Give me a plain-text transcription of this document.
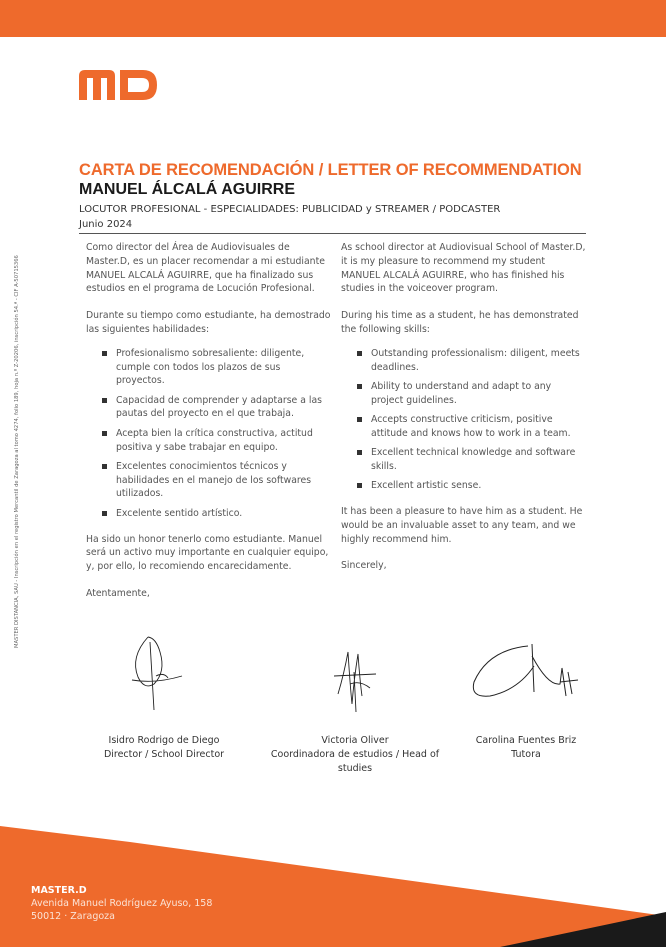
MASTER DISTANCIA, SAU - Inscripción en el registro Mercantil de Zaragoza al tomo 4274, folio 189, hoja n.º Z-20206, inscripción 54.ª - CIF A-50715366
CARTA DE RECOMENDACIÓN / LETTER OF RECOMMENDATION
MANUEL ÁLCALÁ AGUIRRE
LOCUTOR PROFESIONAL - ESPECIALIDADES: PUBLICIDAD y STREAMER / PODCASTER
Junio 2024

Como director del Área de Audiovisuales de Master.D, es un placer recomendar a mi estudiante MANUEL ALCALÁ AGUIRRE, que ha finalizado sus estudios en el programa de Locución Profesional.

Durante su tiempo como estudiante, ha demostrado las siguientes habilidades:

Profesionalismo sobresaliente: diligente, cumple con todos los plazos de sus proyectos.
Capacidad de comprender y adaptarse a las pautas del proyecto en el que trabaja.
Acepta bien la crítica constructiva, actitud positiva y sabe trabajar en equipo.
Excelentes conocimientos técnicos y habilidades en el manejo de los softwares utilizados.
Excelente sentido artístico.

Ha sido un honor tenerlo como estudiante. Manuel será un activo muy importante en cualquier equipo, y, por ello, lo recomiendo encarecidamente.

Atentamente,

As school director at Audiovisual School of Master.D, it is my pleasure to recommend my student MANUEL ALCALÁ AGUIRRE, who has finished his studies in the voiceover program.

During his time as a student, he has demonstrated the following skills:

Outstanding professionalism: diligent, meets deadlines.
Ability to understand and adapt to any project guidelines.
Accepts constructive criticism, positive attitude and knows how to work in a team.
Excellent technical knowledge and software skills.
Excellent artistic sense.

It has been a pleasure to have him as a student. He would be an invaluable asset to any team, and we highly recommend him.

Sincerely,

Isidro Rodrigo de Diego
Director / School Director
Victoria Oliver
Coordinadora de estudios / Head of studies
Carolina Fuentes Briz
Tutora
MASTER.D
Avenida Manuel Rodríguez Ayuso, 158
50012 · Zaragoza
